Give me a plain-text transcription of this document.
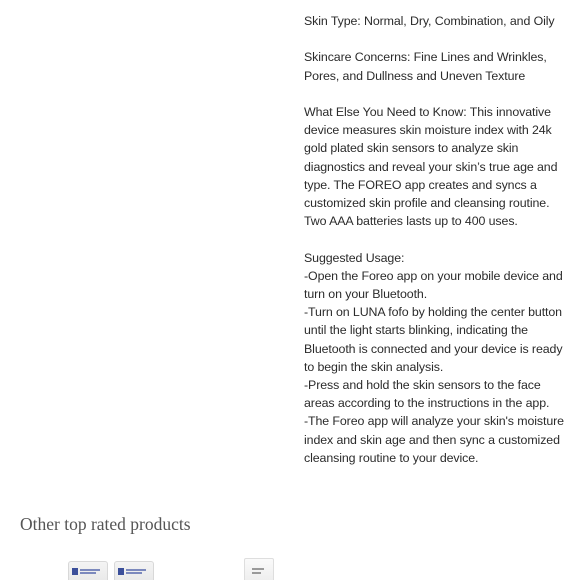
Skin Type: Normal, Dry, Combination, and Oily

Skincare Concerns: Fine Lines and Wrinkles, Pores, and Dullness and Uneven Texture

What Else You Need to Know: This innovative device measures skin moisture index with 24k gold plated skin sensors to analyze skin diagnostics and reveal your skin’s true age and type. The FOREO app creates and syncs a customized skin profile and cleansing routine. Two AAA batteries lasts up to 400 uses.

Suggested Usage:
-Open the Foreo app on your mobile device and turn on your Bluetooth.
-Turn on LUNA fofo by holding the center button until the light starts blinking, indicating the Bluetooth is connected and your device is ready to begin the skin analysis.
-Press and hold the skin sensors to the face areas according to the instructions in the app.
-The Foreo app will analyze your skin's moisture index and skin age and then sync a customized cleansing routine to your device.

Other top rated products
